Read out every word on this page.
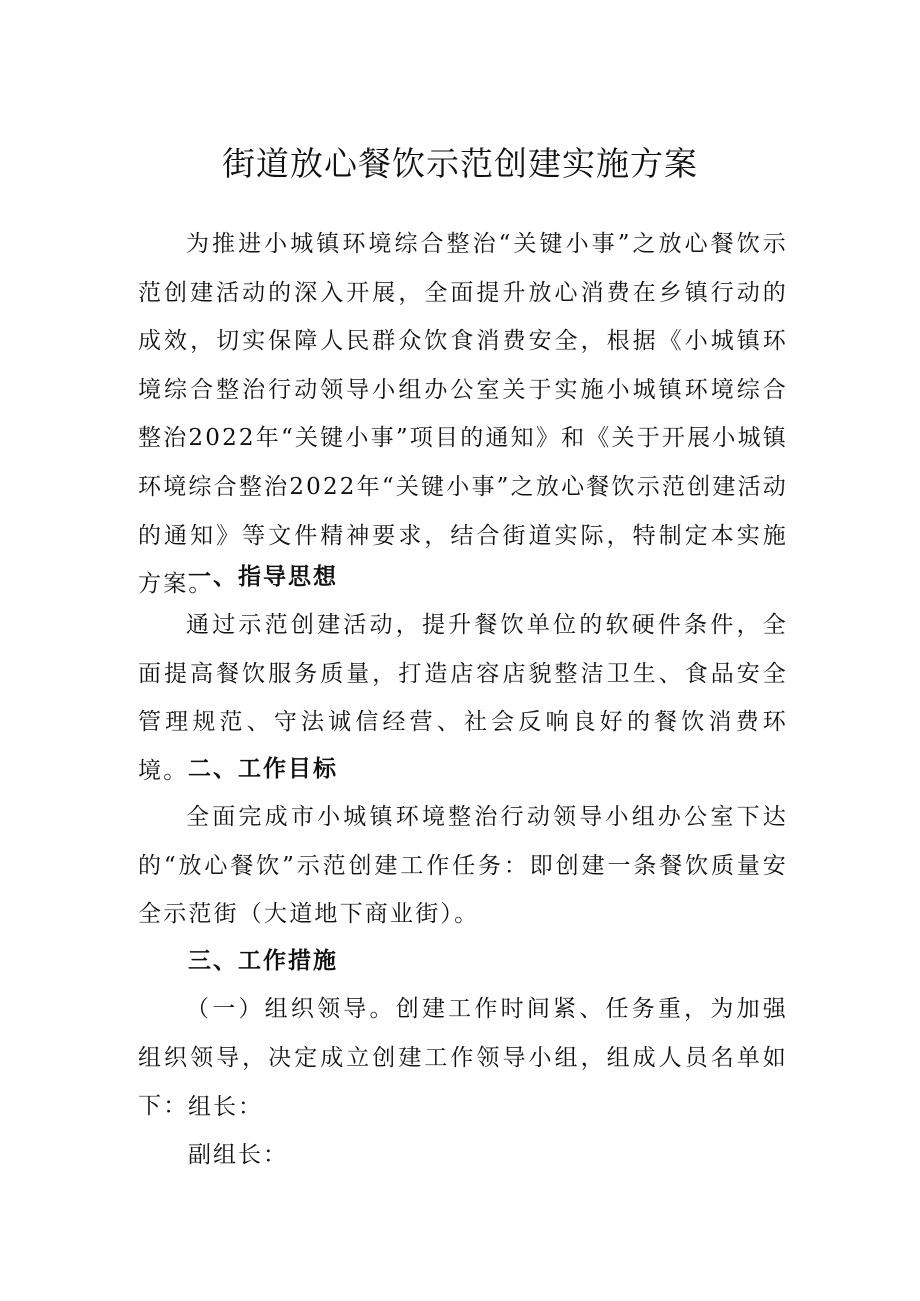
街道放心餐饮示范创建实施方案

为推进小城镇环境综合整治“关键小事”之放心餐饮示范创建活动的深入开展，全面提升放心消费在乡镇行动的成效，切实保障人民群众饮食消费安全，根据《小城镇环境综合整治行动领导小组办公室关于实施小城镇环境综合整治2022年“关键小事”项目的通知》和《关于开展小城镇环境综合整治2022年“关键小事”之放心餐饮示范创建活动的通知》等文件精神要求，结合街道实际，特制定本实施方案。

一、指导思想

通过示范创建活动，提升餐饮单位的软硬件条件，全面提高餐饮服务质量，打造店容店貌整洁卫生、食品安全管理规范、守法诚信经营、社会反响良好的餐饮消费环境。 二、工作目标

全面完成市小城镇环境整治行动领导小组办公室下达的“放心餐饮”示范创建工作任务：即创建一条餐饮质量安全示范街（大道地下商业街）。

三、工作措施

（一）组织领导。创建工作时间紧、任务重，为加强组织领导，决定成立创建工作领导小组，组成人员名单如下： 组长：

副组长：
